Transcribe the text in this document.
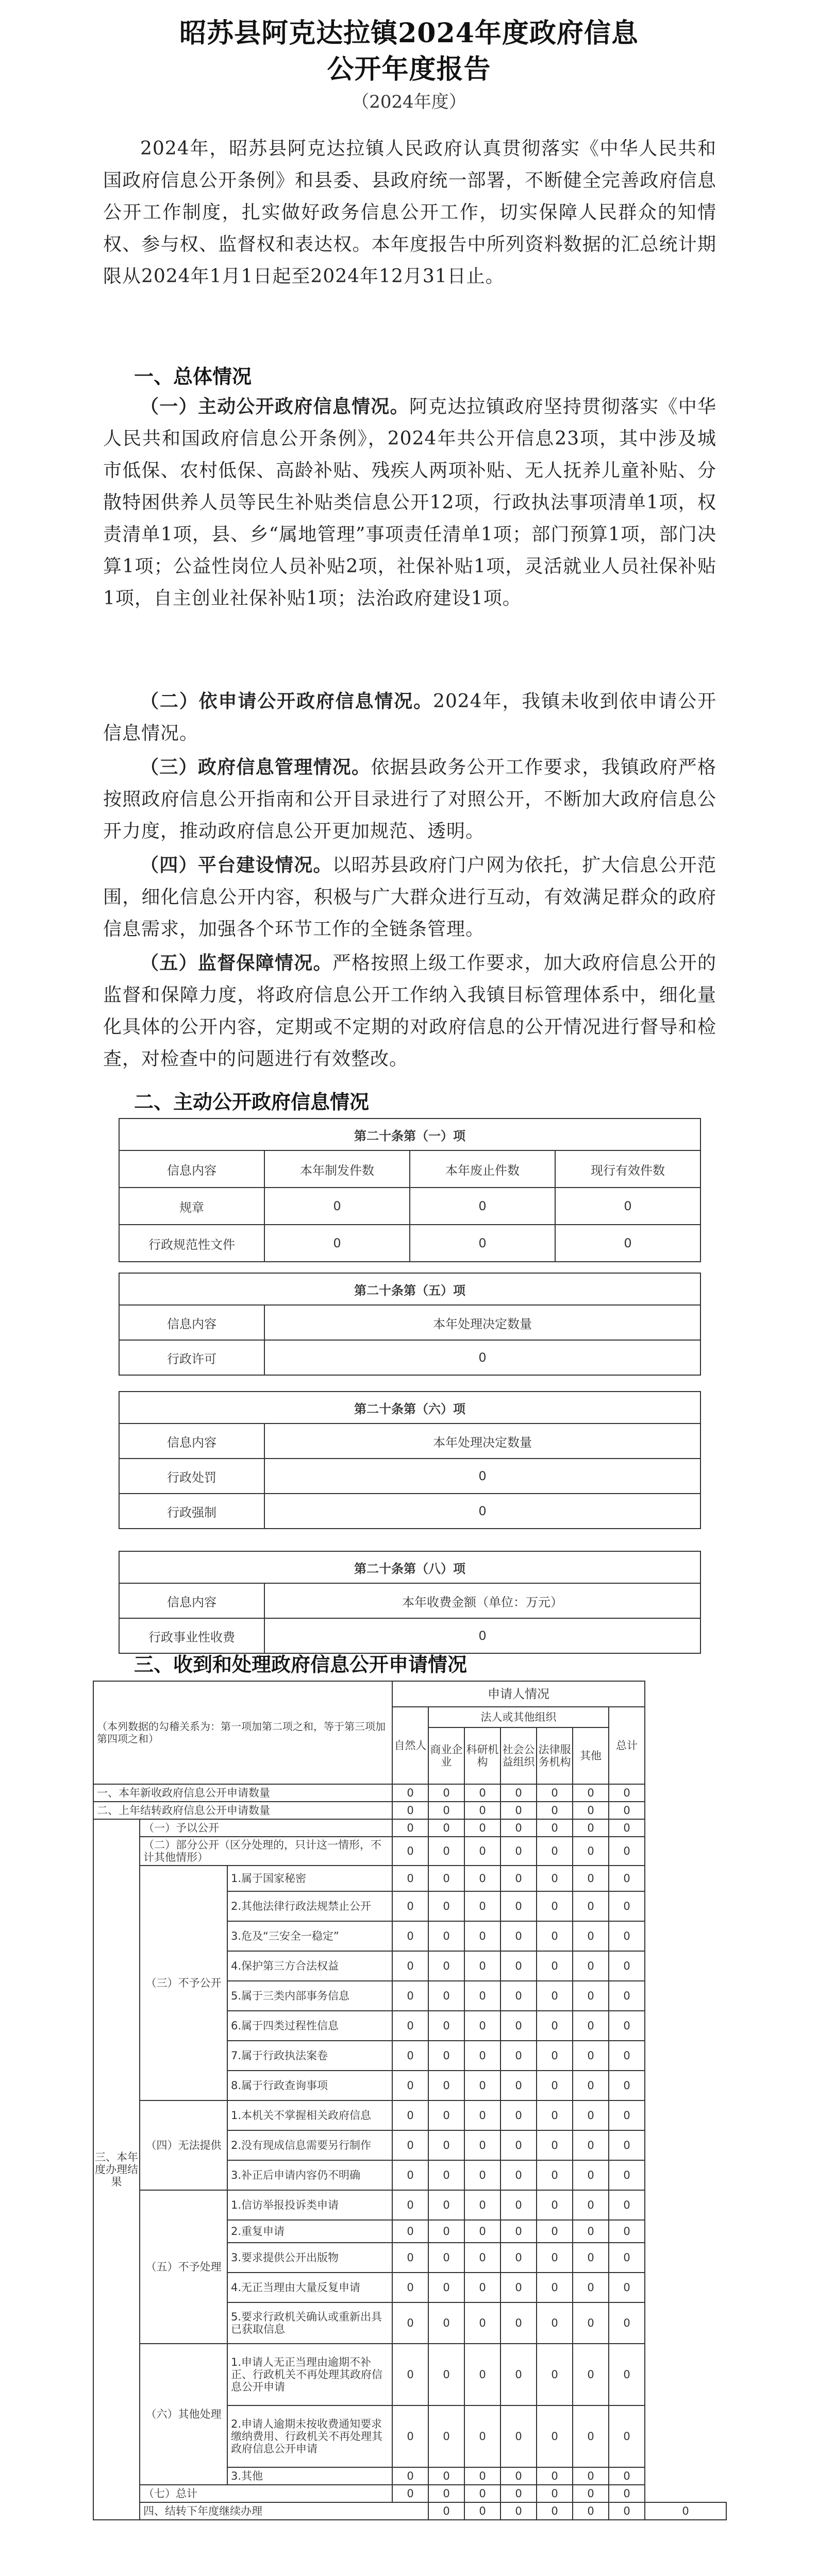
昭苏县阿克达拉镇2024年度政府信息
公开年度报告
（2024年度）
2024年，昭苏县阿克达拉镇人民政府认真贯彻落实《中华人民共和国政府信息公开条例》和县委、县政府统一部署，不断健全完善政府信息公开工作制度，扎实做好政务信息公开工作，切实保障人民群众的知情权、参与权、监督权和表达权。本年度报告中所列资料数据的汇总统计期限从2024年1月1日起至2024年12月31日止。
一、总体情况
（一）主动公开政府信息情况。阿克达拉镇政府坚持贯彻落实《中华人民共和国政府信息公开条例》，2024年共公开信息23项，其中涉及城市低保、农村低保、高龄补贴、残疾人两项补贴、无人抚养儿童补贴、分散特困供养人员等民生补贴类信息公开12项，行政执法事项清单1项，权责清单1项，县、乡“属地管理”事项责任清单1项；部门预算1项，部门决算1项；公益性岗位人员补贴2项，社保补贴1项，灵活就业人员社保补贴1项，自主创业社保补贴1项；法治政府建设1项。
（二）依申请公开政府信息情况。2024年，我镇未收到依申请公开信息情况。
（三）政府信息管理情况。依据县政务公开工作要求，我镇政府严格按照政府信息公开指南和公开目录进行了对照公开，不断加大政府信息公开力度，推动政府信息公开更加规范、透明。
（四）平台建设情况。以昭苏县政府门户网为依托，扩大信息公开范围，细化信息公开内容，积极与广大群众进行互动，有效满足群众的政府信息需求，加强各个环节工作的全链条管理。
（五）监督保障情况。严格按照上级工作要求，加大政府信息公开的监督和保障力度，将政府信息公开工作纳入我镇目标管理体系中，细化量化具体的公开内容，定期或不定期的对政府信息的公开情况进行督导和检查，对检查中的问题进行有效整改。
二、主动公开政府信息情况
第二十条第（一）项			
信息内容	本年制发件数	本年废止件数	现行有效件数
规章	0	0	0
行政规范性文件	0	0	0
第二十条第（五）项	
信息内容	本年处理决定数量
行政许可	0
第二十条第（六）项	
信息内容	本年处理决定数量
行政处罚	0
行政强制	0
第二十条第（八）项	
信息内容	本年收费金额（单位：万元）
行政事业性收费	0
三、收到和处理政府信息公开申请情况
（本列数据的勾稽关系为：第一项加第二项之和，等于第三项加第四项之和）			申请人情况							
			自然人	法人或其他组织					总计	
				商业企业	科研机构	社会公益组织	法律服务机构	其他		
一、本年新收政府信息公开申请数量			0	0	0	0	0	0	0	
二、上年结转政府信息公开申请数量			0	0	0	0	0	0	0	
三、本年度办理结果	（一）予以公开		0	0	0	0	0	0	0	
	（二）部分公开（区分处理的，只计这一情形，不计其他情形）		0	0	0	0	0	0	0	
	（三）不予公开	1.属于国家秘密	0	0	0	0	0	0	0	
		2.其他法律行政法规禁止公开	0	0	0	0	0	0	0	
		3.危及“三安全一稳定”	0	0	0	0	0	0	0	
		4.保护第三方合法权益	0	0	0	0	0	0	0	
		5.属于三类内部事务信息	0	0	0	0	0	0	0	
		6.属于四类过程性信息	0	0	0	0	0	0	0	
		7.属于行政执法案卷	0	0	0	0	0	0	0	
		8.属于行政查询事项	0	0	0	0	0	0	0	
	（四）无法提供	1.本机关不掌握相关政府信息	0	0	0	0	0	0	0	
		2.没有现成信息需要另行制作	0	0	0	0	0	0	0	
		3.补正后申请内容仍不明确	0	0	0	0	0	0	0	
	（五）不予处理	1.信访举报投诉类申请	0	0	0	0	0	0	0	
		2.重复申请	0	0	0	0	0	0	0	
		3.要求提供公开出版物	0	0	0	0	0	0	0	
		4.无正当理由大量反复申请	0	0	0	0	0	0	0	
		5.要求行政机关确认或重新出具已获取信息	0	0	0	0	0	0	0	
	（六）其他处理	1.申请人无正当理由逾期不补正、行政机关不再处理其政府信息公开申请	0	0	0	0	0	0	0	
		2.申请人逾期未按收费通知要求缴纳费用、行政机关不再处理其政府信息公开申请	0	0	0	0	0	0	0	
		3.其他	0	0	0	0	0	0	0	
	（七）总计		0	0	0	0	0	0	0	
	四、结转下年度继续办理			0	0	0	0	0	0	0
